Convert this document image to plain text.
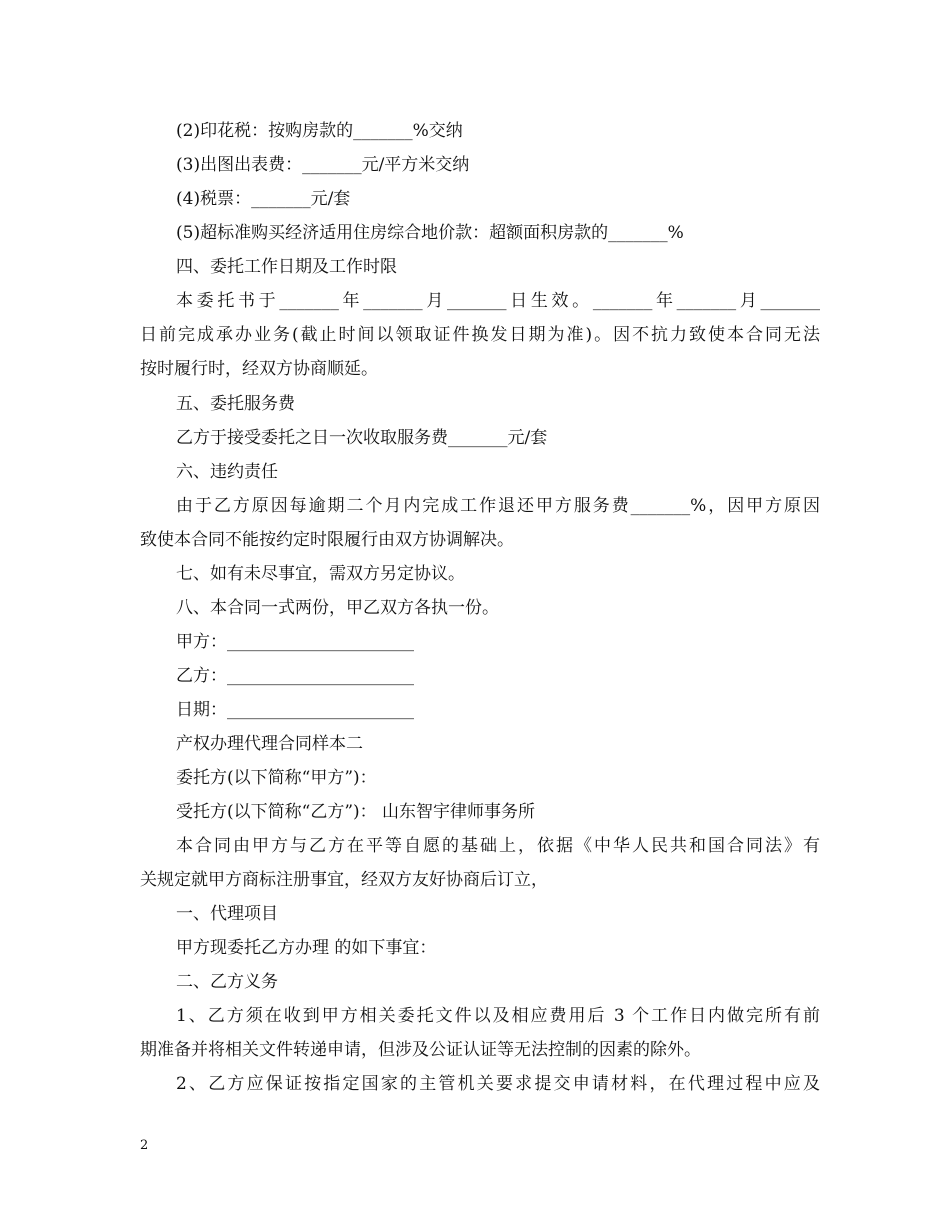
(2)印花税：按购房款的_______%交纳
(3)出图出表费：_______元/平方米交纳
(4)税票：_______元/套
(5)超标准购买经济适用住房综合地价款：超额面积房款的_______%
四、委托工作日期及工作时限
本委托书于_______年_______月_______日生效。_______年_______月_______
日前完成承办业务(截止时间以领取证件换发日期为准)。因不抗力致使本合同无法
按时履行时，经双方协商顺延。
五、委托服务费
乙方于接受委托之日一次收取服务费_______元/套
六、违约责任
由于乙方原因每逾期二个月内完成工作退还甲方服务费_______%，因甲方原因
致使本合同不能按约定时限履行由双方协调解决。
七、如有未尽事宜，需双方另定协议。
八、本合同一式两份，甲乙双方各执一份。
甲方：______________________
乙方：______________________
日期：______________________
产权办理代理合同样本二
委托方(以下简称“甲方”)：
受托方(以下简称“乙方”)： 山东智宇律师事务所
本合同由甲方与乙方在平等自愿的基础上，依据《中华人民共和国合同法》有
关规定就甲方商标注册事宜，经双方友好协商后订立，
一、代理项目
甲方现委托乙方办理 的如下事宜：
二、乙方义务
1、乙方须在收到甲方相关委托文件以及相应费用后 3 个工作日内做完所有前
期准备并将相关文件转递申请，但涉及公证认证等无法控制的因素的除外。
2、乙方应保证按指定国家的主管机关要求提交申请材料，在代理过程中应及
2
